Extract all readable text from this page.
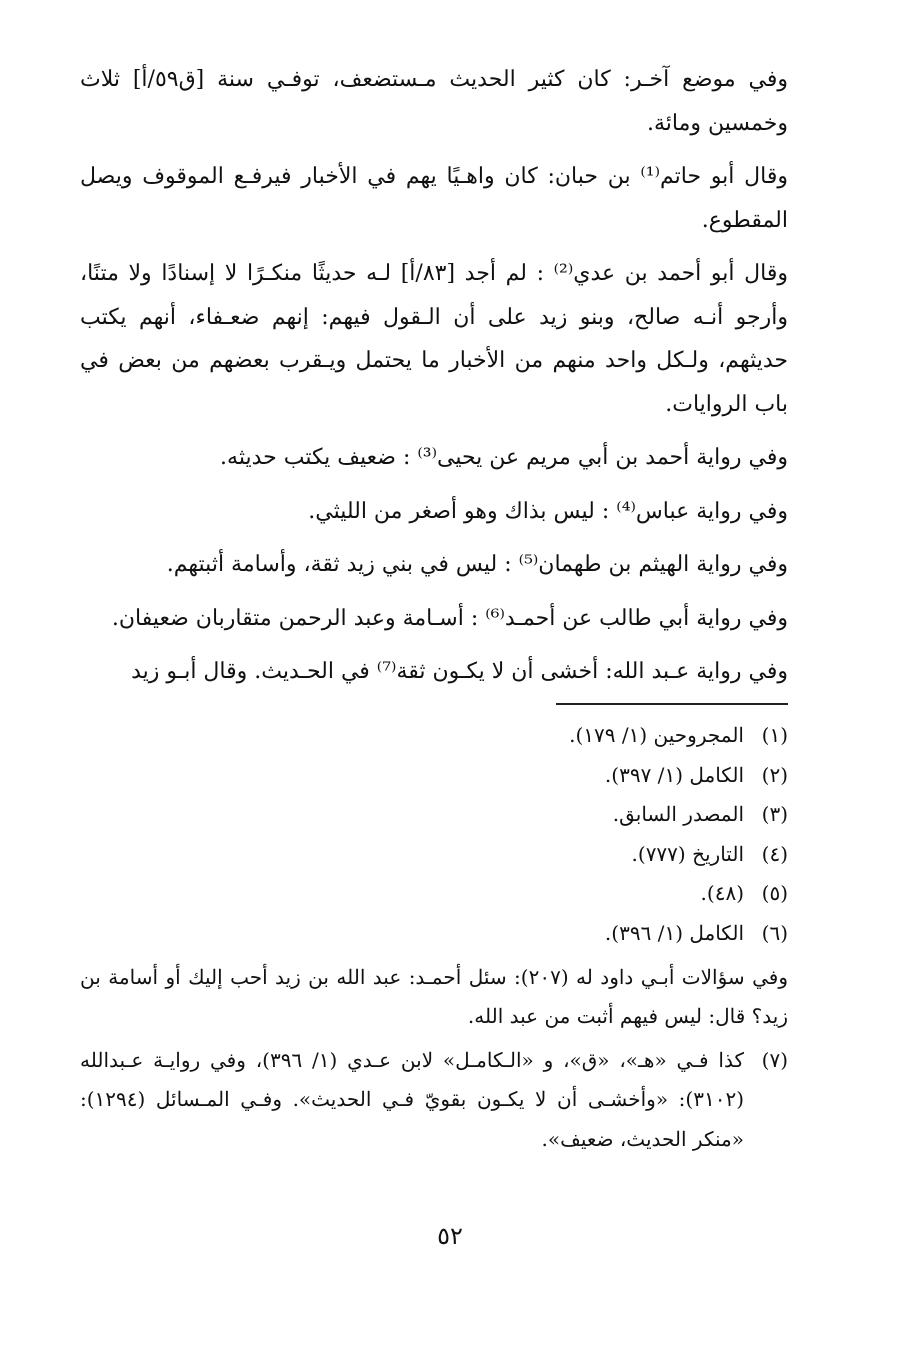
وفي موضع آخـر: كان كثير الحديث مـستضعف، توفـي سنة [ق٥٩/أ] ثلاث وخمسين ومائة.

وقال أبو حاتم⁽¹⁾ بن حبان: كان واهـيًا يهم في الأخبار فيرفـع الموقوف ويصل المقطوع.

وقال أبو أحمد بن عدي⁽²⁾ : لم أجد [٨٣/أ] لـه حديثًا منكـرًا لا إسنادًا ولا متنًا، وأرجو أنـه صالح، وبنو زيد على أن الـقول فيهم: إنهم ضعـفاء، أنهم يكتب حديثهم، ولـكل واحد منهم من الأخبار ما يحتمل ويـقرب بعضهم من بعض في باب الروايات.

وفي رواية أحمد بن أبي مريم عن يحيى⁽³⁾ : ضعيف يكتب حديثه.

وفي رواية عباس⁽⁴⁾ : ليس بذاك وهو أصغر من الليثي.

وفي رواية الهيثم بن طهمان⁽⁵⁾ : ليس في بني زيد ثقة، وأسامة أثبتهم.

وفي رواية أبي طالب عن أحمـد⁽⁶⁾ : أسـامة وعبد الرحمن متقاربان ضعيفان.

وفي رواية عـبد الله: أخشى أن لا يكـون ثقة⁽⁷⁾ في الحـديث. وقال أبـو زيد

(١)
المجروحين (١/ ١٧٩).

(٢)
الكامل (١/ ٣٩٧).

(٣)
المصدر السابق.

(٤)
التاريخ (٧٧٧).

(٥)
(٤٨).

(٦)
الكامل (١/ ٣٩٦).

وفي سؤالات أبـي داود له (٢٠٧): سئل أحمـد: عبد الله بن زيد أحب إليك أو أسامة بن زيد؟ قال: ليس فيهم أثبت من عبد الله.

(٧)
كذا فـي «هـ»، «ق»، و «الـكامـل» لابن عـدي (١/ ٣٩٦)، وفي روايـة عـبدالله (٣١٠٢): «وأخشـى أن لا يكـون بقويّ فـي الحديث». وفـي المـسائل (١٢٩٤): «منكر الحديث، ضعيف».

٥٢
